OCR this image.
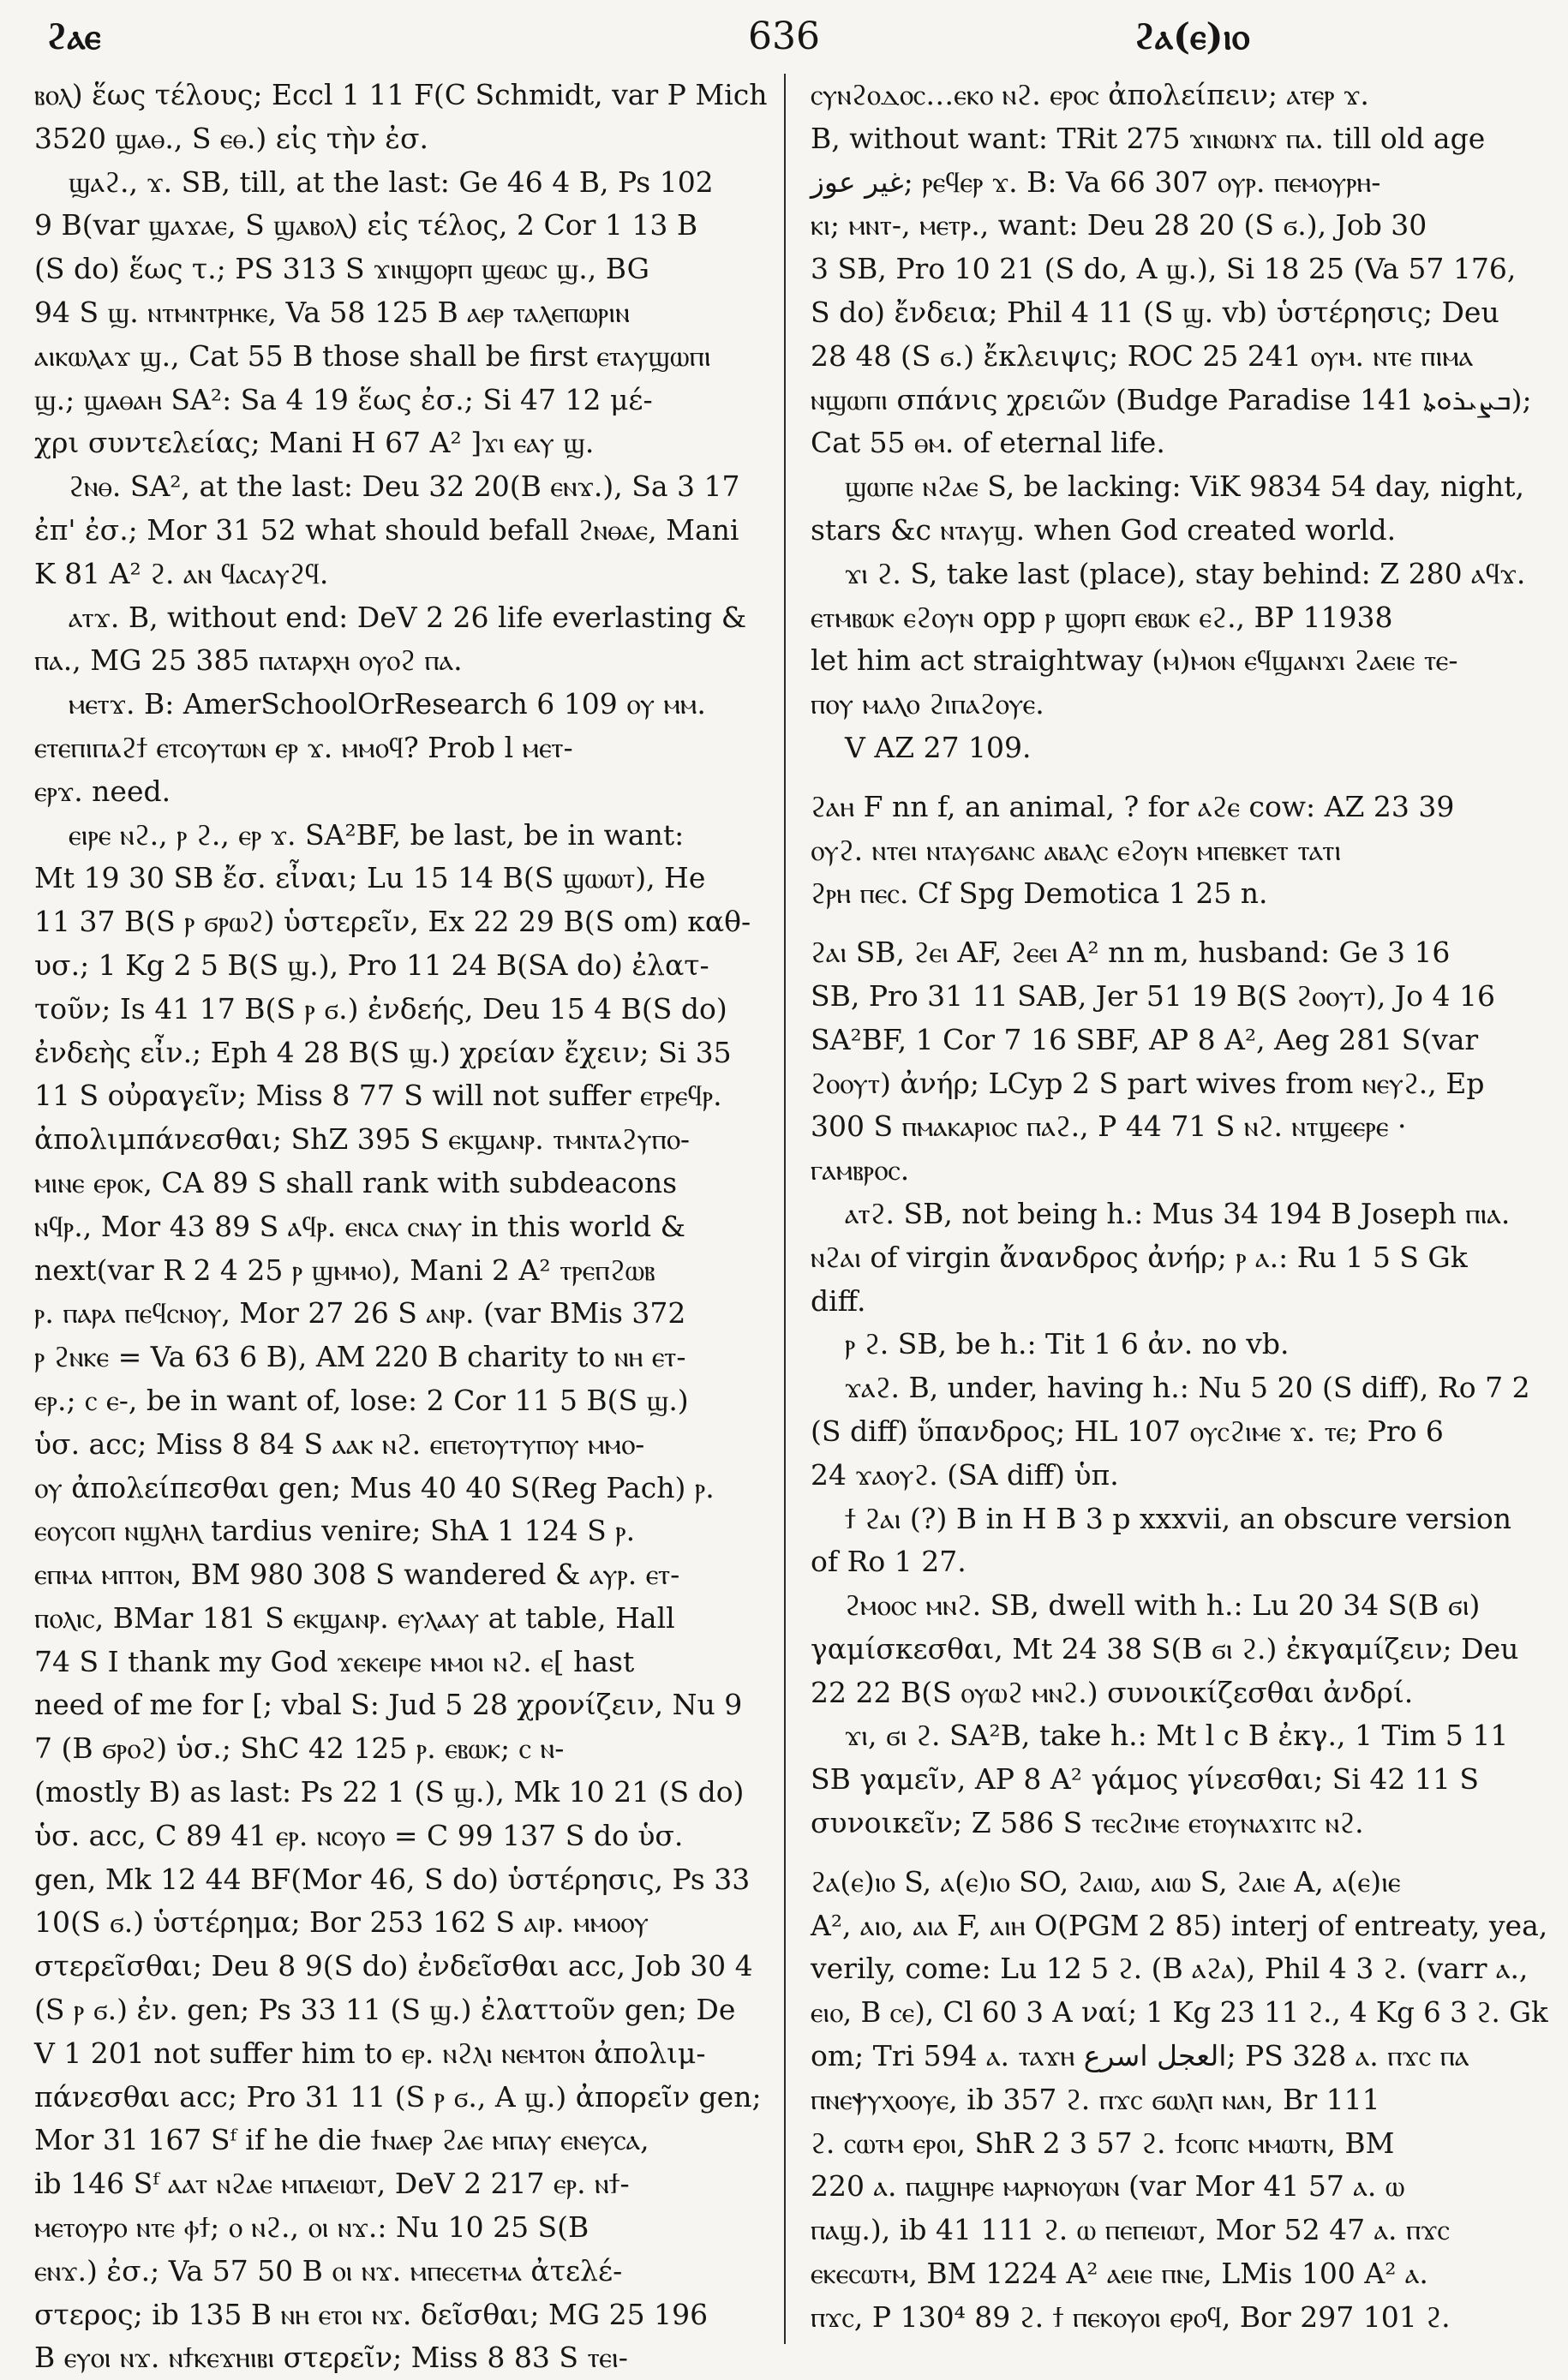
ϩⲁⲉ	636	ϩⲁ(ⲉ)ⲓⲟ
ⲃⲟⲗ) ἕως τέλους; Eccl 1 11 F(C Schmidt, var P Mich
3520 ϣⲁⲑ., S ⲉⲑ.) εἰς τὴν ἐσ.
ϣⲁϩ., ϫ. SB, till, at the last: Ge 46 4 B, Ps 102
9 B(var ϣⲁϫⲁⲉ, S ϣⲁⲃⲟⲗ) εἰς τέλος, 2 Cor 1 13 B
(S do) ἕως τ.; PS 313 S ϫⲓⲛϣⲟⲣⲡ ϣⲉⲱⲥ ϣ., BG
94 S ϣ. ⲛⲧⲙⲛⲧⲣⲏⲕⲉ, Va 58 125 B ⲁⲉⲣ ⲧⲁⲗⲉⲡⲱⲣⲓⲛ
ⲁⲓⲕⲱⲗⲁϫ ϣ., Cat 55 B those shall be first ⲉⲧⲁⲩϣⲱⲡⲓ
ϣ.; ϣⲁⲑⲁⲏ SA²: Sa 4 19 ἕως ἐσ.; Si 47 12 μέ-
χρι συντελείας; Mani H 67 A² ]ϫⲓ ⲉⲁⲩ ϣ.
ϩⲛⲑ. SA², at the last: Deu 32 20(B ⲉⲛϫ.), Sa 3 17
ἐπ' ἐσ.; Mor 31 52 what should befall ϩⲛⲑⲁⲉ, Mani
K 81 A² ϩ. ⲁⲛ ϥⲁⲥⲁⲩϩϥ.
ⲁⲧϫ. B, without end: DeV 2 26 life everlasting &
ⲡⲁ., MG 25 385 ⲡⲁⲧⲁⲣⲭⲏ ⲟⲩⲟϩ ⲡⲁ.
ⲙⲉⲧϫ. B: AmerSchoolOrResearch 6 109 ⲟⲩ ⲙⲙ.
ⲉⲧⲉⲡⲓⲡⲁϩϯ ⲉⲧⲥⲟⲩⲧⲱⲛ ⲉⲣ ϫ. ⲙⲙⲟϥ? Prob l ⲙⲉⲧ-
ⲉⲣϫ. need.
ⲉⲓⲣⲉ ⲛϩ., ⲣ ϩ., ⲉⲣ ϫ. SA²BF, be last, be in want:
Mt 19 30 SB ἔσ. εἶναι; Lu 15 14 B(S ϣⲱⲱⲧ), He
11 37 B(S ⲣ ϭⲣⲱϩ) ὑστερεῖν, Ex 22 29 B(S om) καθ-
υσ.; 1 Kg 2 5 B(S ϣ.), Pro 11 24 B(SA do) ἐλατ-
τοῦν; Is 41 17 B(S ⲣ ϭ.) ἐνδεής, Deu 15 4 B(S do)
ἐνδεὴς εἶν.; Eph 4 28 B(S ϣ.) χρείαν ἔχειν; Si 35
11 S οὐραγεῖν; Miss 8 77 S will not suffer ⲉⲧⲣⲉϥⲣ.
ἀπολιμπάνεσθαι; ShZ 395 S ⲉⲕϣⲁⲛⲣ. ⲧⲙⲛⲧⲁϩⲩⲡⲟ-
ⲙⲓⲛⲉ ⲉⲣⲟⲕ, CA 89 S shall rank with subdeacons
ⲛϥⲣ., Mor 43 89 S ⲁϥⲣ. ⲉⲛⲥⲁ ⲥⲛⲁⲩ in this world &
next(var R 2 4 25 ⲣ ϣⲙⲙⲟ), Mani 2 A² ⲧⲣⲉⲡϩⲱⲃ
ⲣ. ⲡⲁⲣⲁ ⲡⲉϥⲥⲛⲟⲩ, Mor 27 26 S ⲁⲛⲣ. (var BMis 372
ⲣ ϩⲛⲕⲉ = Va 63 6 B), AM 220 B charity to ⲛⲏ ⲉⲧ-
ⲉⲣ.; ⲥ ⲉ-, be in want of, lose: 2 Cor 11 5 B(S ϣ.)
ὑσ. acc; Miss 8 84 S ⲁⲁⲕ ⲛϩ. ⲉⲡⲉⲧⲟⲩⲧⲩⲡⲟⲩ ⲙⲙⲟ-
ⲟⲩ ἀπολείπεσθαι gen; Mus 40 40 S(Reg Pach) ⲣ.
ⲉⲟⲩⲥⲟⲡ ⲛϣⲗⲏⲗ tardius venire; ShA 1 124 S ⲣ.
ⲉⲡⲙⲁ ⲙⲡⲧⲟⲛ, BM 980 308 S wandered & ⲁⲩⲣ. ⲉⲧ-
ⲡⲟⲗⲓⲥ, BMar 181 S ⲉⲕϣⲁⲛⲣ. ⲉⲩⲗⲁⲁⲩ at table, Hall
74 S I thank my God ϫⲉⲕⲉⲓⲣⲉ ⲙⲙⲟⲓ ⲛϩ. ⲉ[ hast
need of me for [; vbal S: Jud 5 28 χρονίζειν, Nu 9
7 (B ϭⲣⲟϩ) ὑσ.; ShC 42 125 ⲣ. ⲉⲃⲱⲕ; ⲥ ⲛ-
(mostly B) as last: Ps 22 1 (S ϣ.), Mk 10 21 (S do)
ὑσ. acc, C 89 41 ⲉⲣ. ⲛⲥⲟⲩⲟ = C 99 137 S do ὑσ.
gen, Mk 12 44 BF(Mor 46, S do) ὑστέρησις, Ps 33
10(S ϭ.) ὑστέρημα; Bor 253 162 S ⲁⲓⲣ. ⲙⲙⲟⲟⲩ
στερεῖσθαι; Deu 8 9(S do) ἐνδεῖσθαι acc, Job 30 4
(S ⲣ ϭ.) ἐν. gen; Ps 33 11 (S ϣ.) ἐλαττοῦν gen; De
V 1 201 not suffer him to ⲉⲣ. ⲛϩⲗⲓ ⲛⲉⲙⲧⲟⲛ ἀπολιμ-
πάνεσθαι acc; Pro 31 11 (S ⲣ ϭ., A ϣ.) ἀπορεῖν gen;
Mor 31 167 Sᶠ if he die ϯⲛⲁⲉⲣ ϩⲁⲉ ⲙⲡⲁⲩ ⲉⲛⲉⲩⲥⲁ,
ib 146 Sᶠ ⲁⲁⲧ ⲛϩⲁⲉ ⲙⲡⲁⲉⲓⲱⲧ, DeV 2 217 ⲉⲣ. ⲛϯ-
ⲙⲉⲧⲟⲩⲣⲟ ⲛⲧⲉ ⲫϯ; ⲟ ⲛϩ., ⲟⲓ ⲛϫ.: Nu 10 25 S(B
ⲉⲛϫ.) ἐσ.; Va 57 50 B ⲟⲓ ⲛϫ. ⲙⲡⲉⲥⲉⲧⲙⲁ ἀτελέ-
στερος; ib 135 B ⲛⲏ ⲉⲧⲟⲓ ⲛϫ. δεῖσθαι; MG 25 196
B ⲉⲩⲟⲓ ⲛϫ. ⲛϯⲕⲉϫⲏⲓⲃⲓ στερεῖν; Miss 8 83 S ⲧⲉⲓ-
ⲥⲩⲛϩⲟⲇⲟⲥ…ⲉⲕⲟ ⲛϩ. ⲉⲣⲟⲥ ἀπολείπειν; ⲁⲧⲉⲣ ϫ.
B, without want: TRit 275 ϫⲓⲛⲱⲛϫ ⲡⲁ. till old age
غير عوز; ⲣⲉϥⲉⲣ ϫ. B: Va 66 307 ⲟⲩⲣ. ⲡⲉⲙⲟⲩⲣⲏ-
ⲕⲓ; ⲙⲛⲧ-, ⲙⲉⲧⲣ., want: Deu 28 20 (S ϭ.), Job 30
3 SB, Pro 10 21 (S do, A ϣ.), Si 18 25 (Va 57 176,
S do) ἔνδεια; Phil 4 11 (S ϣ. vb) ὑστέρησις; Deu
28 48 (S ϭ.) ἔκλειψις; ROC 25 241 ⲟⲩⲙ. ⲛⲧⲉ ⲡⲓⲙⲁ
ⲛϣⲱⲡⲓ σπάνις χρειῶν (Budge Paradise 141 ܒܨܝܪܘܬܐ);
Cat 55 ⲑⲙ. of eternal life.
ϣⲱⲡⲉ ⲛϩⲁⲉ S, be lacking: ViK 9834 54 day, night,
stars &c ⲛⲧⲁⲩϣ. when God created world.
ϫⲓ ϩ. S, take last (place), stay behind: Z 280 ⲁϥϫ.
ⲉⲧⲙⲃⲱⲕ ⲉϩⲟⲩⲛ opp ⲣ ϣⲟⲣⲡ ⲉⲃⲱⲕ ⲉϩ., BP 11938
let him act straightway (ⲙ)ⲙⲟⲛ ⲉϥϣⲁⲛϫⲓ ϩⲁⲉⲓⲉ ⲧⲉ-
ⲡⲟⲩ ⲙⲁⲗⲟ ϩⲓⲡⲁϩⲟⲩⲉ.
V AZ 27 109.
ϩⲁⲏ F nn f, an animal, ? for ⲁϩⲉ cow: AZ 23 39
ⲟⲩϩ. ⲛⲧⲉⲓ ⲛⲧⲁⲩϭⲁⲛⲥ ⲁⲃⲁⲗⲥ ⲉϩⲟⲩⲛ ⲙⲡⲉⲃⲕⲉⲧ ⲧⲁⲧⲓ
ϩⲣⲏ ⲡⲉⲥ. Cf Spg Demotica 1 25 n.
ϩⲁⲓ SB, ϩⲉⲓ AF, ϩⲉⲉⲓ A² nn m, husband: Ge 3 16
SB, Pro 31 11 SAB, Jer 51 19 B(S ϩⲟⲟⲩⲧ), Jo 4 16
SA²BF, 1 Cor 7 16 SBF, AP 8 A², Aeg 281 S(var
ϩⲟⲟⲩⲧ) ἀνήρ; LCyp 2 S part wives from ⲛⲉⲩϩ., Ep
300 S ⲡⲙⲁⲕⲁⲣⲓⲟⲥ ⲡⲁϩ., P 44 71 S ⲛϩ. ⲛⲧϣⲉⲉⲣⲉ ·
ⲅⲁⲙⲃⲣⲟⲥ.
ⲁⲧϩ. SB, not being h.: Mus 34 194 B Joseph ⲡⲓⲁ.
ⲛϩⲁⲓ of virgin ἄνανδρος ἀνήρ; ⲣ ⲁ.: Ru 1 5 S Gk
diff.
ⲣ ϩ. SB, be h.: Tit 1 6 ἀν. no vb.
ϫⲁϩ. B, under, having h.: Nu 5 20 (S diff), Ro 7 2
(S diff) ὕπανδρος; HL 107 ⲟⲩⲥϩⲓⲙⲉ ϫ. ⲧⲉ; Pro 6
24 ϫⲁⲟⲩϩ. (SA diff) ὑπ.
ϯ ϩⲁⲓ (?) B in H B 3 p xxxvii, an obscure version
of Ro 1 27.
ϩⲙⲟⲟⲥ ⲙⲛϩ. SB, dwell with h.: Lu 20 34 S(B ϭⲓ)
γαμίσκεσθαι, Mt 24 38 S(B ϭⲓ ϩ.) ἐκγαμίζειν; Deu
22 22 B(S ⲟⲩⲱϩ ⲙⲛϩ.) συνοικίζεσθαι ἀνδρί.
ϫⲓ, ϭⲓ ϩ. SA²B, take h.: Mt l c B ἐκγ., 1 Tim 5 11
SB γαμεῖν, AP 8 A² γάμος γίνεσθαι; Si 42 11 S
συνοικεῖν; Z 586 S ⲧⲉⲥϩⲓⲙⲉ ⲉⲧⲟⲩⲛⲁϫⲓⲧⲥ ⲛϩ.
ϩⲁ(ⲉ)ⲓⲟ S, ⲁ(ⲉ)ⲓⲟ SO, ϩⲁⲓⲱ, ⲁⲓⲱ S, ϩⲁⲓⲉ A, ⲁ(ⲉ)ⲓⲉ
A², ⲁⲓⲟ, ⲁⲓⲁ F, ⲁⲓⲏ O(PGM 2 85) interj of entreaty, yea,
verily, come: Lu 12 5 ϩ. (B ⲁϩⲁ), Phil 4 3 ϩ. (varr ⲁ.,
ⲉⲓⲟ, B ⲥⲉ), Cl 60 3 A ναί; 1 Kg 23 11 ϩ., 4 Kg 6 3 ϩ. Gk
om; Tri 594 ⲁ. ⲧⲁϫⲏ العجل اسرع; PS 328 ⲁ. ⲡϫⲥ ⲡⲁ
ⲡⲛⲉⲯⲩⲭⲟⲟⲩⲉ, ib 357 ϩ. ⲡϫⲥ ϭⲱⲗⲡ ⲛⲁⲛ, Br 111
ϩ. ⲥⲱⲧⲙ ⲉⲣⲟⲓ, ShR 2 3 57 ϩ. ϯⲥⲟⲡⲥ ⲙⲙⲱⲧⲛ, BM
220 ⲁ. ⲡⲁϣⲏⲣⲉ ⲙⲁⲣⲛⲟⲩⲱⲛ (var Mor 41 57 ⲁ. ⲱ
ⲡⲁϣ.), ib 41 111 ϩ. ⲱ ⲡⲉⲡⲉⲓⲱⲧ, Mor 52 47 ⲁ. ⲡϫⲥ
ⲉⲕⲉⲥⲱⲧⲙ, BM 1224 A² ⲁⲉⲓⲉ ⲡⲛⲉ, LMis 100 A² ⲁ.
ⲡϫⲥ, P 130⁴ 89 ϩ. ϯ ⲡⲉⲕⲟⲩⲟⲓ ⲉⲣⲟϥ, Bor 297 101 ϩ.
